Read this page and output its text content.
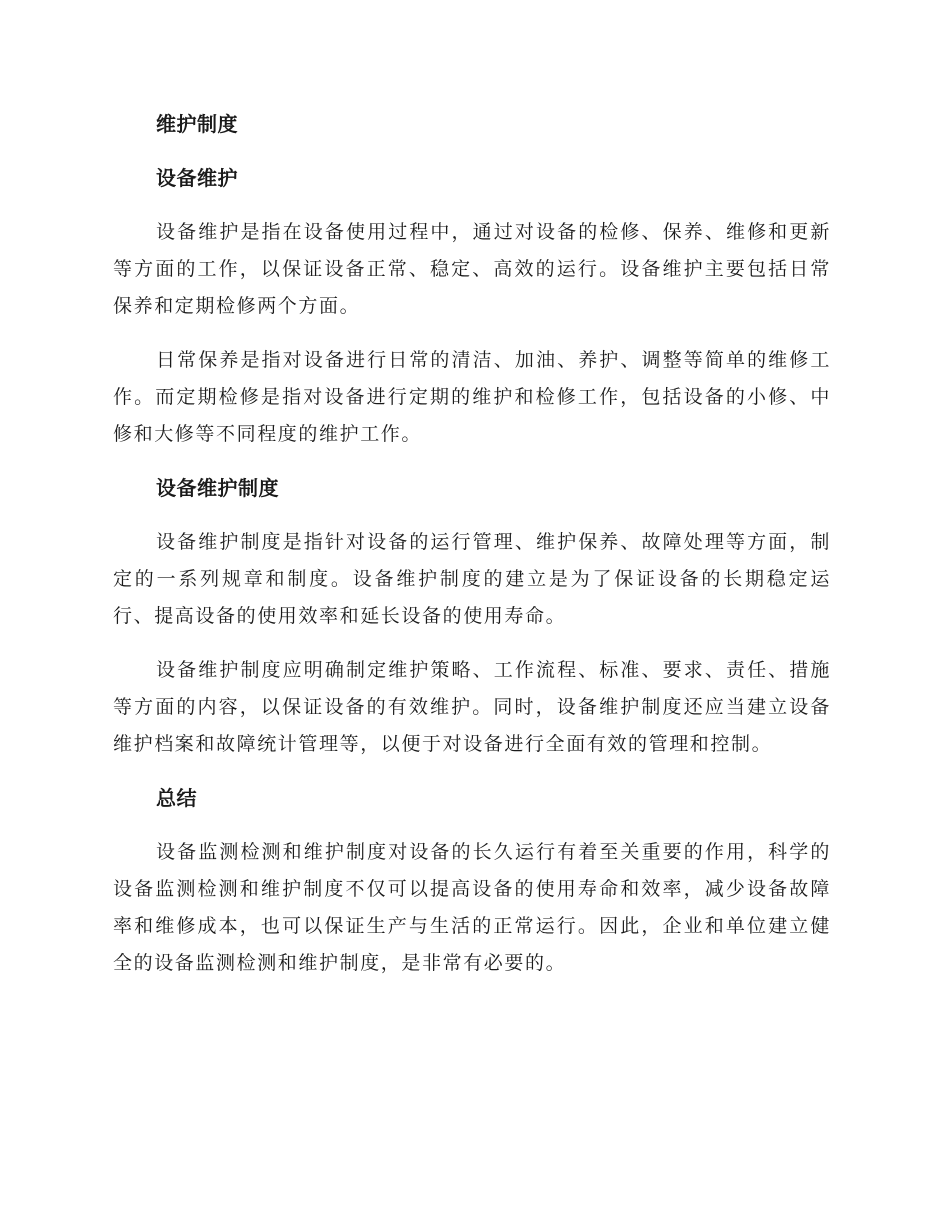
维护制度
设备维护

设备维护是指在设备使用过程中，通过对设备的检修、保养、维修和更新等方面的工作，以保证设备正常、稳定、高效的运行。设备维护主要包括日常保养和定期检修两个方面。

日常保养是指对设备进行日常的清洁、加油、养护、调整等简单的维修工作。而定期检修是指对设备进行定期的维护和检修工作，包括设备的小修、中修和大修等不同程度的维护工作。

设备维护制度

设备维护制度是指针对设备的运行管理、维护保养、故障处理等方面，制定的一系列规章和制度。设备维护制度的建立是为了保证设备的长期稳定运行、提高设备的使用效率和延长设备的使用寿命。

设备维护制度应明确制定维护策略、工作流程、标准、要求、责任、措施等方面的内容，以保证设备的有效维护。同时，设备维护制度还应当建立设备维护档案和故障统计管理等，以便于对设备进行全面有效的管理和控制。

总结

设备监测检测和维护制度对设备的长久运行有着至关重要的作用，科学的设备监测检测和维护制度不仅可以提高设备的使用寿命和效率，减少设备故障率和维修成本，也可以保证生产与生活的正常运行。因此，企业和单位建立健全的设备监测检测和维护制度，是非常有必要的。
